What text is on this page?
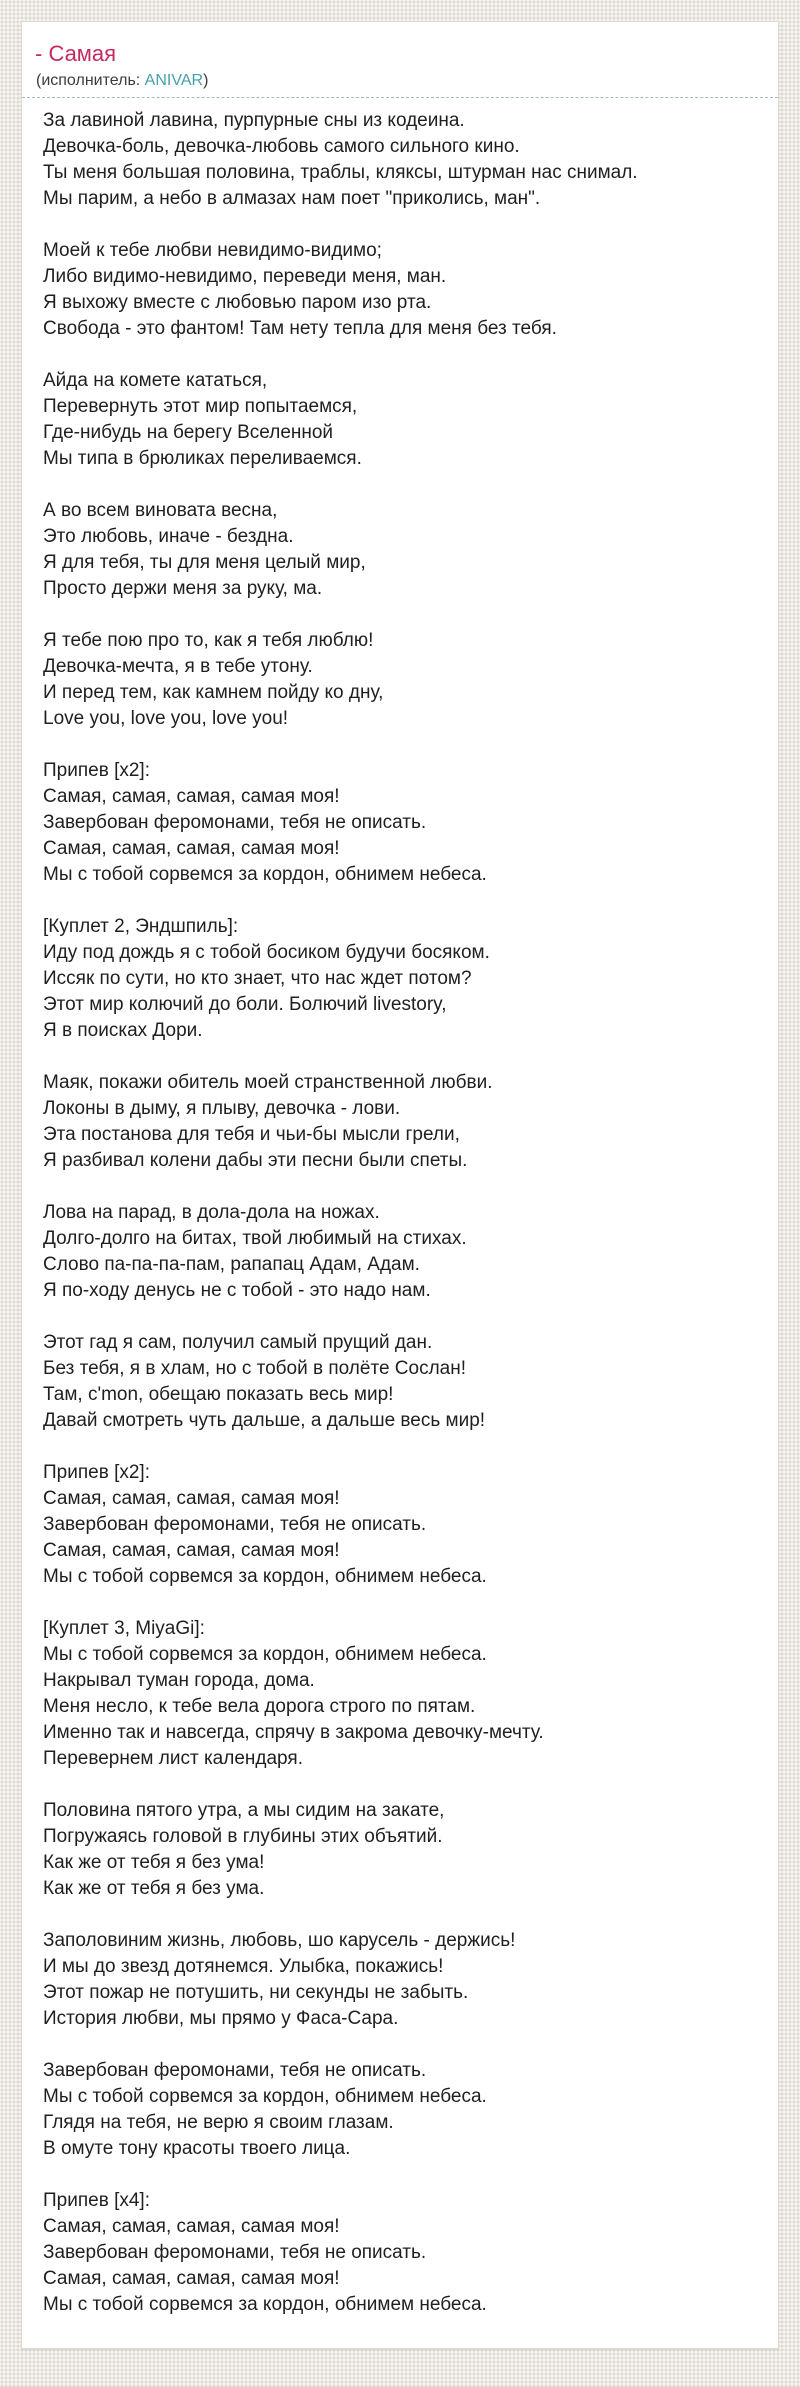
- Самая
(исполнитель: ANIVAR)

За лавиной лавина, пурпурные сны из кодеина.

Девочка-боль, девочка-любовь самого сильного кино.

Ты меня большая половина, траблы, кляксы, штурман нас снимал.

Мы парим, а небо в алмазах нам поет "приколись, ман".

Моей к тебе любви невидимо-видимо;

Либо видимо-невидимо, переведи меня, ман.

Я выхожу вместе с любовью паром изо рта.

Свобода - это фантом! Там нету тепла для меня без тебя.

Айда на комете кататься,

Перевернуть этот мир попытаемся,

Где-нибудь на берегу Вселенной

Мы типа в брюликах переливаемся.

А во всем виновата весна,

Это любовь, иначе - бездна.

Я для тебя, ты для меня целый мир,

Просто держи меня за руку, ма.

Я тебе пою про то, как я тебя люблю!

Девочка-мечта, я в тебе утону.

И перед тем, как камнем пойду ко дну,

Love you, love you, love you!

Припев [x2]:

Самая, самая, самая, самая моя!

Завербован феромонами, тебя не описать.

Самая, самая, самая, самая моя!

Мы с тобой сорвемся за кордон, обнимем небеса.

[Куплет 2, Эндшпиль]:

Иду под дождь я с тобой босиком будучи босяком.

Иссяк по сути, но кто знает, что нас ждет потом?

Этот мир колючий до боли. Болючий livestory,

Я в поисках Дори.

Маяк, покажи обитель моей странственной любви.

Локоны в дыму, я плыву, девочка - лови.

Эта постанова для тебя и чьи-бы мысли грели,

Я разбивал колени дабы эти песни были спеты.

Лова на парад, в дола-дола на ножах.

Долго-долго на битах, твой любимый на стихах.

Слово па-па-па-пам, рапапац Адам, Адам.

Я по-ходу денусь не с тобой - это надо нам.

Этот гад я сам, получил самый прущий дан.

Без тебя, я в хлам, но с тобой в полёте Сослан!

Там, c'mon, обещаю показать весь мир!

Давай смотреть чуть дальше, а дальше весь мир!

Припев [x2]:

Самая, самая, самая, самая моя!

Завербован феромонами, тебя не описать.

Самая, самая, самая, самая моя!

Мы с тобой сорвемся за кордон, обнимем небеса.

[Куплет 3, MiyaGi]:

Мы с тобой сорвемся за кордон, обнимем небеса.

Накрывал туман города, дома.

Меня несло, к тебе вела дорога строго по пятам.

Именно так и навсегда, спрячу в закрома девочку-мечту.

Перевернем лист календаря.

Половина пятого утра, а мы сидим на закате,

Погружаясь головой в глубины этих объятий.

Как же от тебя я без ума!

Как же от тебя я без ума.

Заполовиним жизнь, любовь, шо карусель - держись!

И мы до звезд дотянемся. Улыбка, покажись!

Этот пожар не потушить, ни секунды не забыть.

История любви, мы прямо у Фаса-Сара.

Завербован феромонами, тебя не описать.

Мы с тобой сорвемся за кордон, обнимем небеса.

Глядя на тебя, не верю я своим глазам.

В омуте тону красоты твоего лица.

Припев [x4]:

Самая, самая, самая, самая моя!

Завербован феромонами, тебя не описать.

Самая, самая, самая, самая моя!

Мы с тобой сорвемся за кордон, обнимем небеса.
